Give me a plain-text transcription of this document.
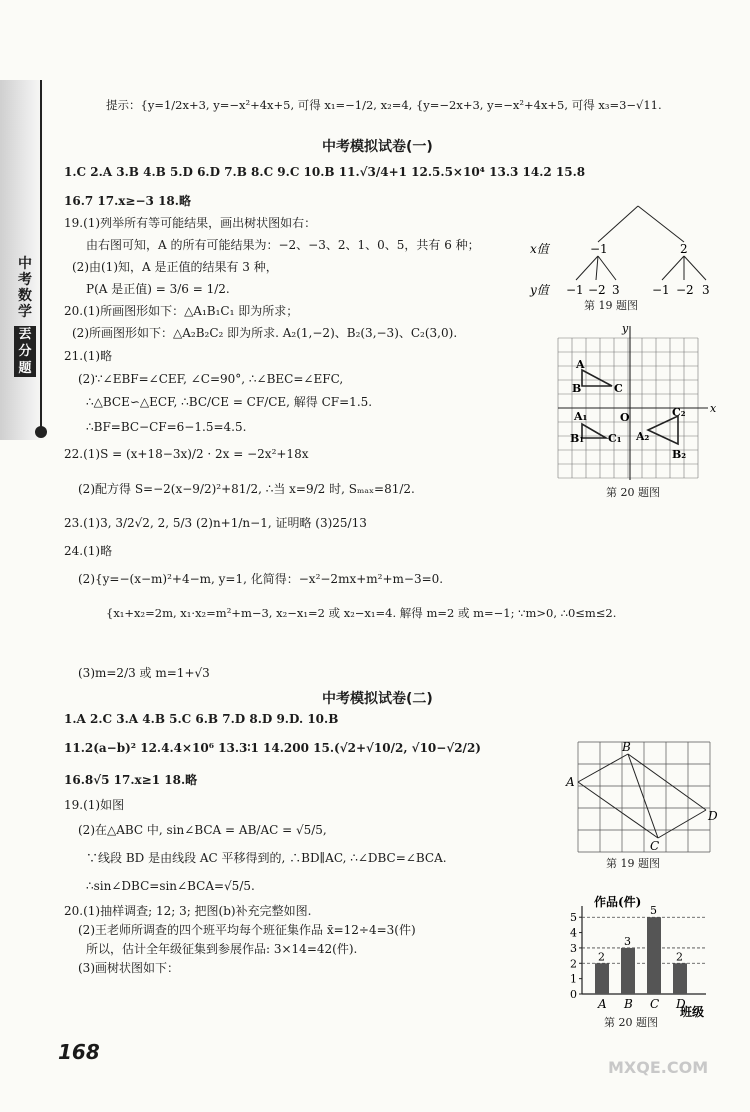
中考数学
丟分题
提示：{y=1/2x+3, y=−x²+4x+5, 可得 x₁=−1/2, x₂=4, {y=−2x+3, y=−x²+4x+5, 可得 x₃=3−√11.
中考模拟试卷(一)
1.C 2.A 3.B 4.B 5.D 6.D 7.B 8.C 9.C 10.B 11.√3/4+1 12.5.5×10⁴ 13.3 14.2 15.8
16.7 17.x≥−3 18.略
19.(1)列举所有等可能结果，画出树状图如右：
由右图可知，A 的所有可能结果为：−2、−3、2、1、0、5，共有 6 种；
(2)由(1)知，A 是正值的结果有 3 种，
P(A 是正值) = 3/6 = 1/2.
20.(1)所画图形如下：△A₁B₁C₁ 即为所求；
(2)所画图形如下：△A₂B₂C₂ 即为所求. A₂(1,−2)、B₂(3,−3)、C₂(3,0).
21.(1)略
(2)∵∠EBF=∠CEF, ∠C=90°, ∴∠BEC=∠EFC,
∴△BCE∽△ECF, ∴BC/CE = CF/CE, 解得 CF=1.5.
∴BF=BC−CF=6−1.5=4.5.
22.(1)S = (x+18−3x)/2 · 2x = −2x²+18x
(2)配方得 S=−2(x−9/2)²+81/2, ∴当 x=9/2 时, Sₘₐₓ=81/2.
23.(1)3, 3/2√2, 2, 5/3 (2)n+1/n−1, 证明略 (3)25/13
24.(1)略
(2){y=−(x−m)²+4−m, y=1, 化简得：−x²−2mx+m²+m−3=0.
{x₁+x₂=2m, x₁·x₂=m²+m−3, x₂−x₁=2 或 x₂−x₁=4. 解得 m=2 或 m=−1; ∵m>0, ∴0≤m≤2.
(3)m=2/3 或 m=1+√3
中考模拟试卷(二)
1.A 2.C 3.A 4.B 5.C 6.B 7.D 8.D 9.D. 10.B
11.2(a−b)² 12.4.4×10⁶ 13.3∶1 14.200 15.(√2+√10/2, √10−√2/2)
16.8√5 17.x≥1 18.略
19.(1)如图
(2)在△ABC 中, sin∠BCA = AB/AC = √5/5,
∵线段 BD 是由线段 AC 平移得到的, ∴BD∥AC, ∴∠DBC=∠BCA.
∴sin∠DBC=sin∠BCA=√5/5.
20.(1)抽样调查; 12; 3; 把图(b)补充完整如图.
(2)王老师所调查的四个班平均每个班征集作品 x̄=12÷4=3(件)
所以，估计全年级征集到参展作品: 3×14=42(件).
(3)画树状图如下：
x值
y值
−1	2
−1 −2 3	−1 −2 3
第 19 题图
x
y
O
A
B	C
A₁
B₁ C₁ A₂
B₂
C₂
第 20 题图
A
B
C
D
第 19 题图
作品(件)
班级
0
1
2
3
4
5
2
A
3
B
5
C
2
D
第 20 题图
168
MXQE.COM
